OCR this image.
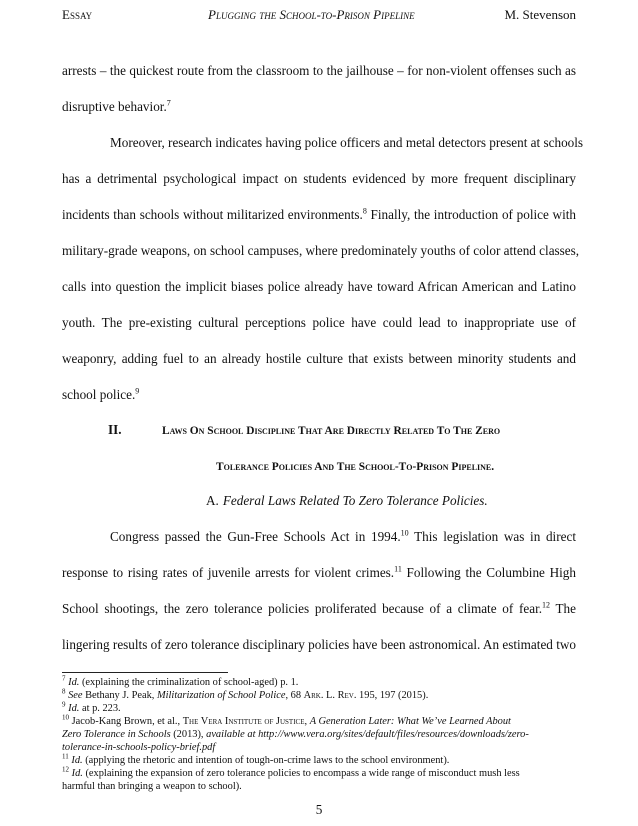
Essay	Plugging the School-to-Prison Pipeline	M. Stevenson
arrests – the quickest route from the classroom to the jailhouse – for non-violent offenses such as
disruptive behavior.$^7$
Moreover, research indicates having police officers and metal detectors present at schools
has a detrimental psychological impact on students evidenced by more frequent disciplinary
incidents than schools without militarized environments.$^8$ Finally, the introduction of police with
military-grade weapons, on school campuses, where predominately youths of color attend classes,
calls into question the implicit biases police already have toward African American and Latino
youth. The pre-existing cultural perceptions police have could lead to inappropriate use of
weaponry, adding fuel to an already hostile culture that exists between minority students and
school police.$^9$
II.	Laws On School Discipline That Are Directly Related To The Zero
Tolerance Policies And The School-To-Prison Pipeline.
A. Federal Laws Related To Zero Tolerance Policies.
Congress passed the Gun-Free Schools Act in 1994.10 This legislation was in direct
response to rising rates of juvenile arrests for violent crimes.$^{11}$ Following the Columbine High
School shootings, the zero tolerance policies proliferated because of a climate of fear.$^{12}$ The
lingering results of zero tolerance disciplinary policies have been astronomical. An estimated two
$^7$ Id. (explaining the criminalization of school-aged) p. 1.
$^8$ See Bethany J. Peak, Militarization of School Police, 68 Ark. L. Rev. 195, 197 (2015).
$^9$ Id. at p. 223.
$^{10}$ Jacob-Kang Brown, et al., The Vera Institute of Justice, A Generation Later: What We’ve Learned About
Zero Tolerance in Schools (2013), available at http://www.vera.org/sites/default/files/resources/downloads/zero-
tolerance-in-schools-policy-brief.pdf
$^{11}$ Id. (applying the rhetoric and intention of tough-on-crime laws to the school environment).
$^{12}$ Id. (explaining the expansion of zero tolerance policies to encompass a wide range of misconduct mush less
harmful than bringing a weapon to school).
5
